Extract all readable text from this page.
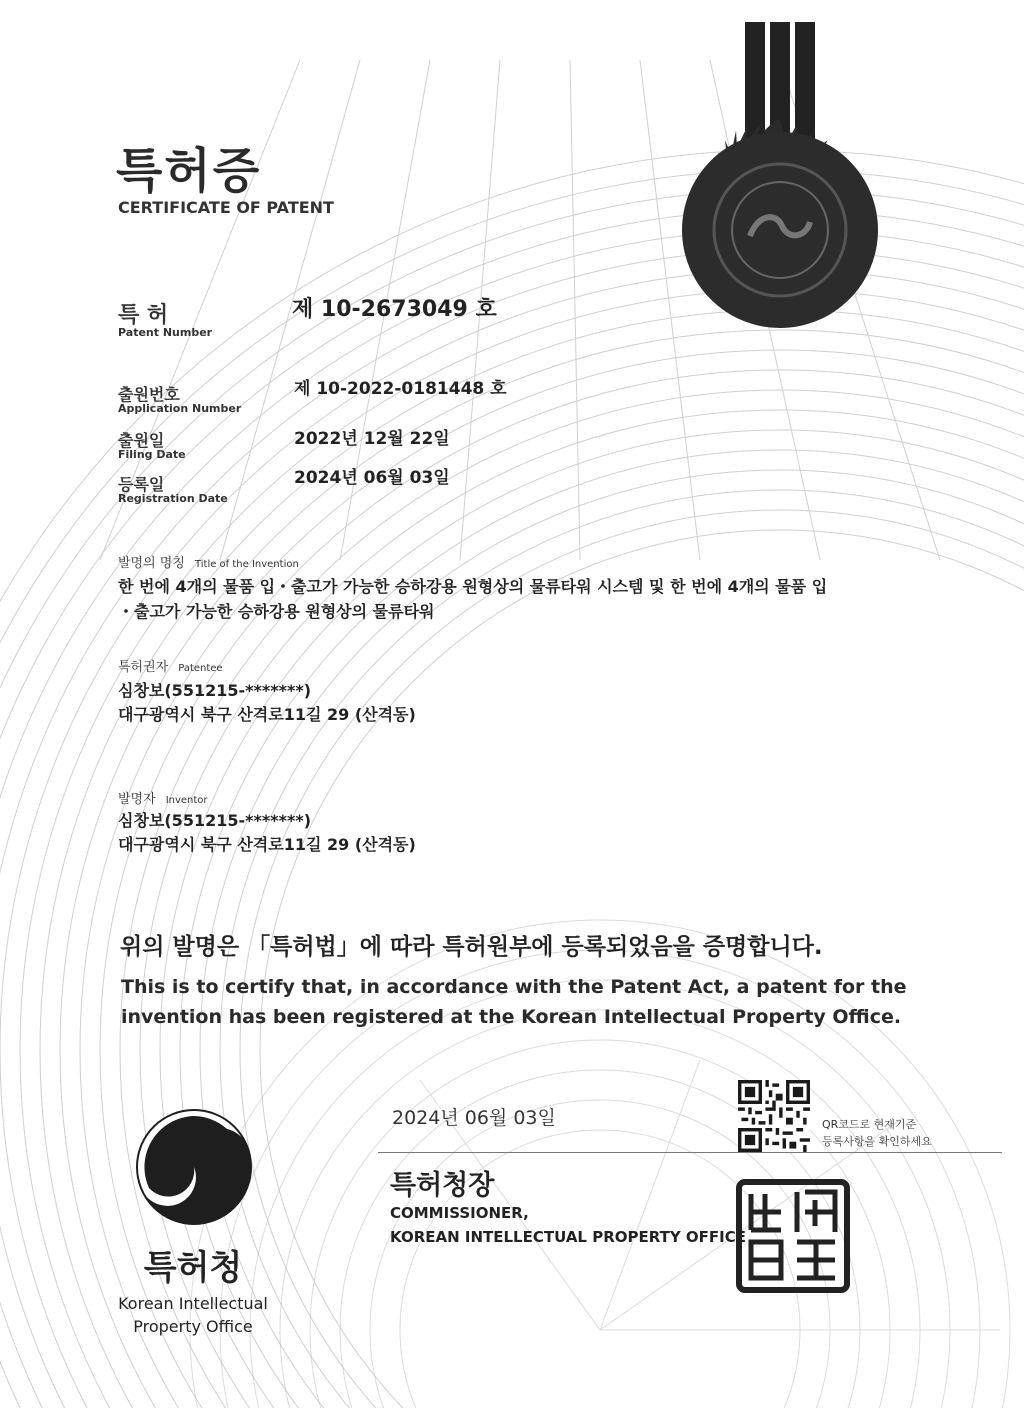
특허증
CERTIFICATE OF PATENT
특 허
Patent Number
제 10-2673049 호
출원번호
Application Number
제 10-2022-0181448 호
출원일
Filing Date
2022년 12월 22일
등록일
Registration Date
2024년 06월 03일
발명의 명칭 Title of the Invention
한 번에 4개의 물품 입・출고가 가능한 승하강용 원형상의 물류타워 시스템 및 한 번에 4개의 물품 입
・출고가 가능한 승하강용 원형상의 물류타워
특허권자 Patentee
심창보(551215-*******)
대구광역시 북구 산격로11길 29 (산격동)
발명자 Inventor
심창보(551215-*******)
대구광역시 북구 산격로11길 29 (산격동)
위의 발명은 「특허법」에 따라 특허원부에 등록되었음을 증명합니다.
This is to certify that, in accordance with the Patent Act, a patent for the
invention has been registered at the Korean Intellectual Property Office.
2024년 06월 03일	QR코드로 현재기준
등록사항을 확인하세요
특허청장
COMMISSIONER,
KOREAN INTELLECTUAL PROPERTY OFFICE
특허청
Korean Intellectual
Property Office
